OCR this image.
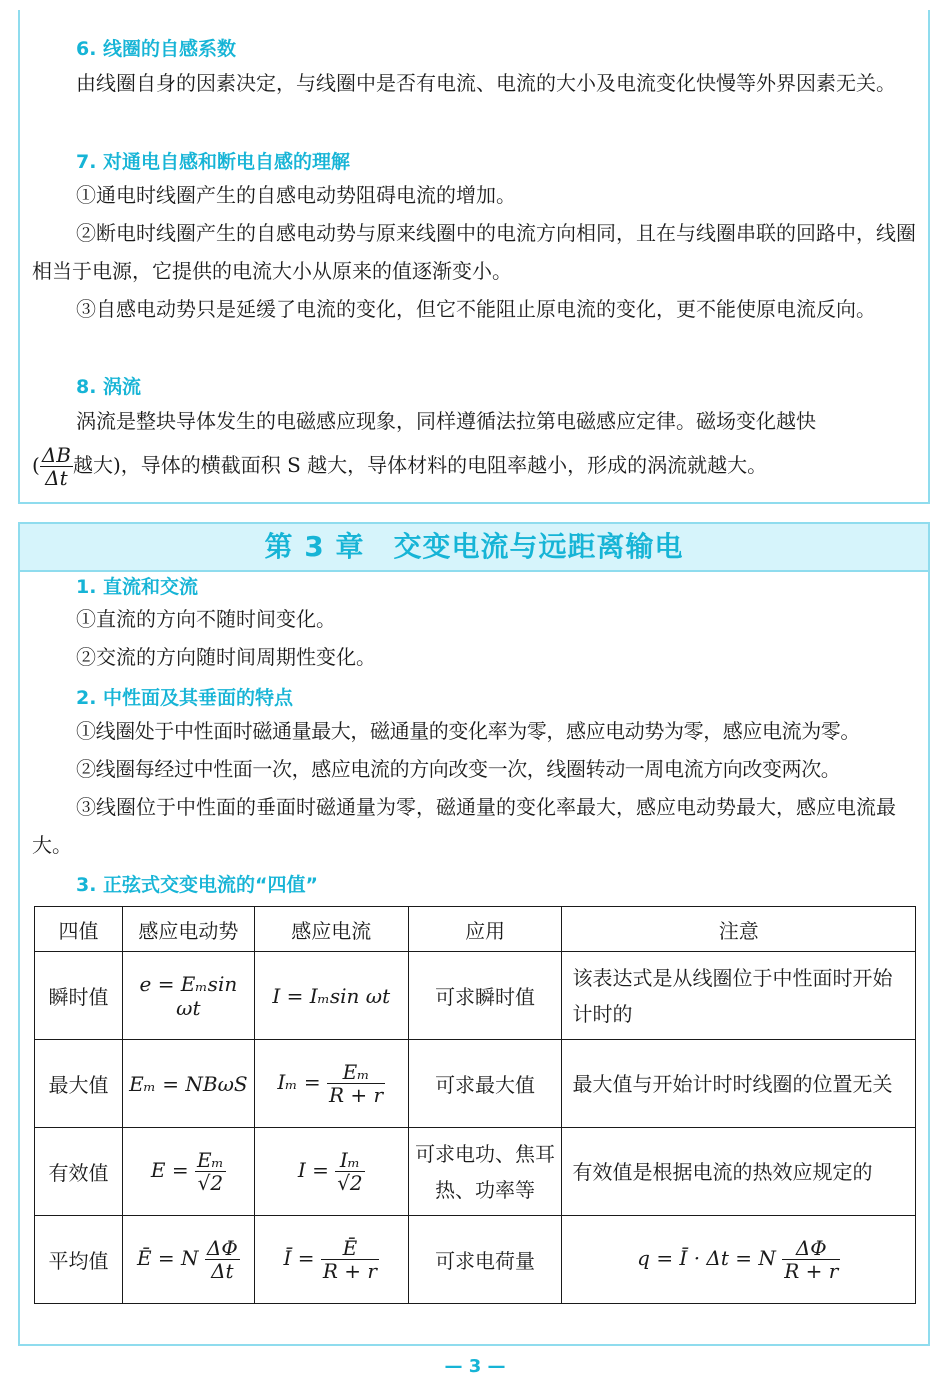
6. 线圈的自感系数
由线圈自身的因素决定，与线圈中是否有电流、电流的大小及电流变化快慢等外界因素无关。
7. 对通电自感和断电自感的理解
①通电时线圈产生的自感电动势阻碍电流的增加。
②断电时线圈产生的自感电动势与原来线圈中的电流方向相同，且在与线圈串联的回路中，线圈相当于电源，它提供的电流大小从原来的值逐渐变小。
③自感电动势只是延缓了电流的变化，但它不能阻止原电流的变化，更不能使原电流反向。
8. 涡流
涡流是整块导体发生的电磁感应现象，同样遵循法拉第电磁感应定律。磁场变化越快
( $\frac{\Delta B}{\Delta t}$ 越大)，导体的横截面积 S 越大，导体材料的电阻率越小，形成的涡流就越大。
第 3 章　交变电流与远距离输电
1. 直流和交流
①直流的方向不随时间变化。
②交流的方向随时间周期性变化。
2. 中性面及其垂面的特点
①线圈处于中性面时磁通量最大，磁通量的变化率为零，感应电动势为零，感应电流为零。
②线圈每经过中性面一次，感应电流的方向改变一次，线圈转动一周电流方向改变两次。
③线圈位于中性面的垂面时磁通量为零，磁通量的变化率最大，感应电动势最大，感应电流最大。
3. 正弦式交变电流的“四值”
四值	感应电动势	感应电流	应用	注意
瞬时值	e = Eₘsin ωt	I = Iₘsin ωt	可求瞬时值	该表达式是从线圈位于中性面时开始计时的
最大值	Eₘ = NBωS	$I_m = \frac{\text{Eₘ}}{R + r}$	可求最大值	最大值与开始计时时线圈的位置无关
有效值	$E = \frac{\text{Eₘ}}{√2}$	$I = \frac{\text{Iₘ}}{√2}$	可求电功、焦耳热、功率等	有效值是根据电流的热效应规定的
平均值	Ē = N $\frac{\Delta\Phi}{\Delta t}$	Ī = $\frac{Ē}{R + r}$	可求电荷量	q = Ī · Δt = N $\frac{\Delta\Phi}{R + r}$
— 3 —
